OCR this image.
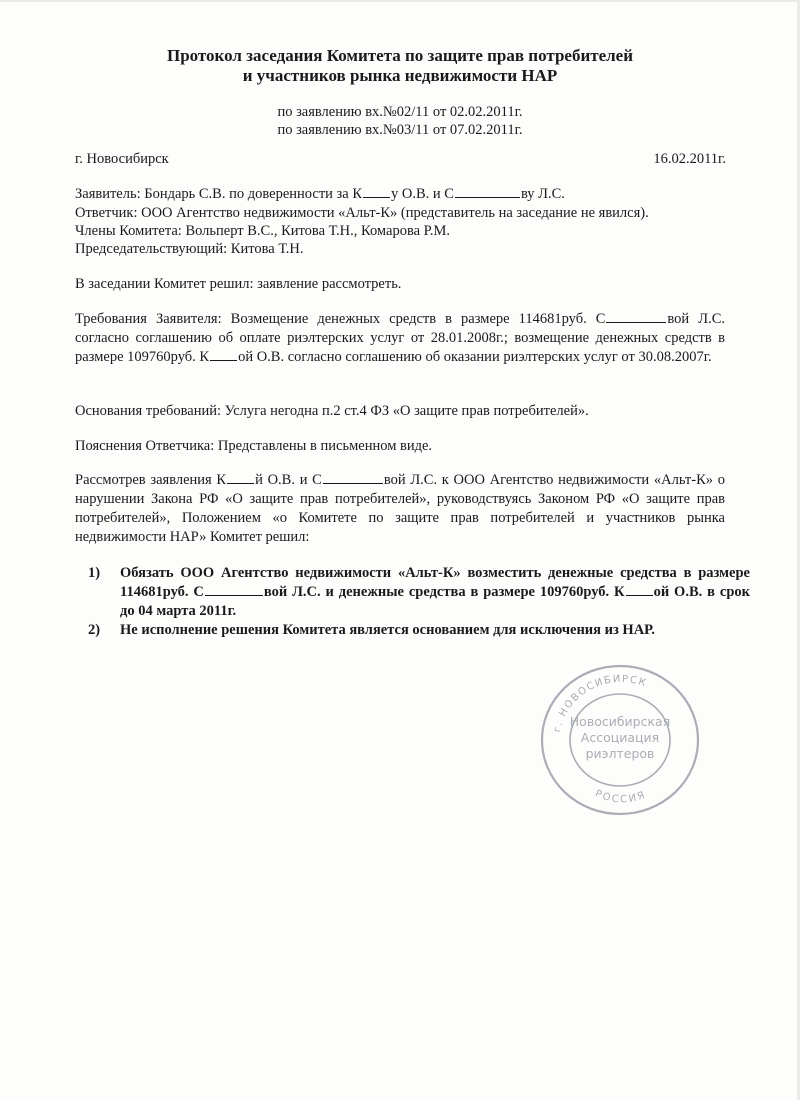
Протокол заседания Комитета по защите прав потребителей
и участников рынка недвижимости НАР
по заявлению вх.№02/11 от 02.02.2011г.
по заявлению вх.№03/11 от 07.02.2011г.
г. Новосибирск	16.02.2011г.
Заявитель: Бондарь С.В. по доверенности за К у О.В. и С	ву Л.С.
Ответчик: ООО Агентство недвижимости «Альт-К» (представитель на заседание не явился).
Члены Комитета: Вольперт В.С., Китова Т.Н., Комарова Р.М.
Председательствующий: Китова Т.Н.
В заседании Комитет решил: заявление рассмотреть.
Требования Заявителя: Возмещение денежных средств в размере 114681руб. С	вой Л.С. согласно соглашению об оплате риэлтерских услуг от 28.01.2008г.; возмещение денежных средств в размере 109760руб. К ой О.В. согласно соглашению об оказании риэлтерских услуг от 30.08.2007г.
Основания требований: Услуга негодна п.2 ст.4 ФЗ «О защите прав потребителей».
Пояснения Ответчика: Представлены в письменном виде.
Рассмотрев заявления К й О.В. и С	вой Л.С. к ООО Агентство недвижимости «Альт-К» о нарушении Закона РФ «О защите прав потребителей», руководствуясь Законом РФ «О защите прав потребителей», Положением «о Комитете по защите прав потребителей и участников рынка недвижимости НАР» Комитет решил:
1) Обязать ООО Агентство недвижимости «Альт-К» возместить денежные средства в размере 114681руб. С	вой Л.С. и денежные средства в размере 109760руб. К ой О.В. в срок до 04 марта 2011г.
2) Не исполнение решения Комитета является основанием для исключения из НАР.
г. НОВОСИБИРСК
РОССИЯ
Новосибирская
Ассоциация
риэлтеров
